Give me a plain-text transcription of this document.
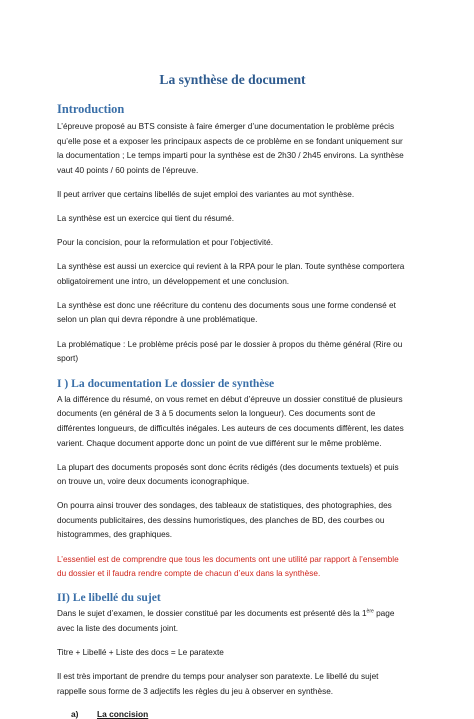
La synthèse de document
Introduction

L’épreuve proposé au BTS consiste à faire émerger d’une documentation le problème précis qu’elle pose et a exposer les principaux aspects de ce problème en se fondant uniquement sur la documentation ; Le temps imparti pour la synthèse est de 2h30 / 2h45 environs. La synthèse vaut 40 points / 60 points de l’épreuve.

Il peut arriver que certains libellés de sujet emploi des variantes au mot synthèse.

La synthèse est un exercice qui tient du résumé.

Pour la concision, pour la reformulation et pour l’objectivité.

La synthèse est aussi un exercice qui revient à la RPA pour le plan. Toute synthèse comportera obligatoirement une intro, un développement et une conclusion.

La synthèse est donc une réécriture du contenu des documents sous une forme condensé et selon un plan qui devra répondre à une problématique.

La problématique : Le problème précis posé par le dossier à propos du thème général (Rire ou sport)

I ) La documentation Le dossier de synthèse

A la différence du résumé, on vous remet en début d’épreuve un dossier constitué de plusieurs documents (en général de 3 à 5 documents selon la longueur). Ces documents sont de différentes longueurs, de difficultés inégales. Les auteurs de ces documents diffèrent, les dates varient. Chaque document apporte donc un point de vue différent sur le même problème.

La plupart des documents proposés sont donc écrits rédigés (des documents textuels) et puis on trouve un, voire deux documents iconographique.

On pourra ainsi trouver des sondages, des tableaux de statistiques, des photographies, des documents publicitaires, des dessins humoristiques, des planches de BD, des courbes ou histogrammes, des graphiques.

L’essentiel est de comprendre que tous les documents ont une utilité par rapport à l’ensemble du dossier et il faudra rendre compte de chacun d’eux dans la synthèse.

II) Le libellé du sujet

Dans le sujet d’examen, le dossier constitué par les documents est présenté dès la 1ère page avec la liste des documents joint.

Titre + Libellé + Liste des docs = Le paratexte

Il est très important de prendre du temps pour analyser son paratexte. Le libellé du sujet rappelle sous forme de 3 adjectifs les règles du jeu à observer en synthèse.

a) La concision
